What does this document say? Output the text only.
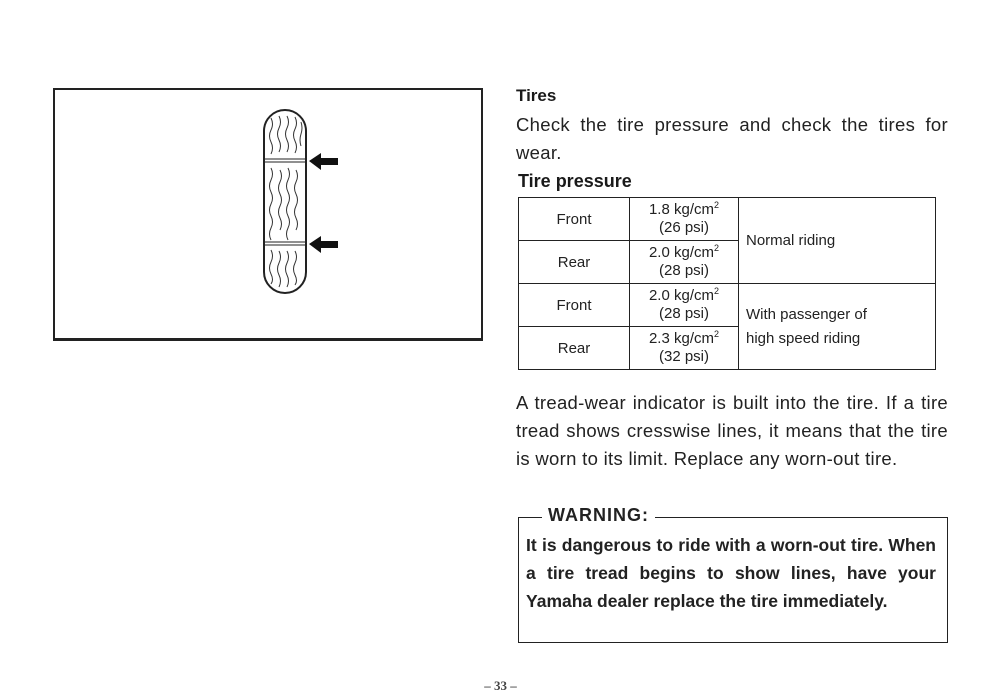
Tires

Check the tire pressure and check the tires for wear.

Tire pressure
Front	1.8 $kg/cm^2$
(26 psi)	Normal riding
Rear	2.0 $kg/cm^2$
(28 psi)	
Front	2.0 $kg/cm^2$
(28 psi)	With passenger of
high speed riding
Rear	2.3 $kg/cm^2$
(32 psi)	

A tread-wear indicator is built into the tire. If a tire tread shows cresswise lines, it means that the tire is worn to its limit. Replace any worn-out tire.

WARNING:

It is dangerous to ride with a worn-out tire. When a tire tread begins to show lines, have your Yamaha dealer replace the tire immediately.

– 33 –
